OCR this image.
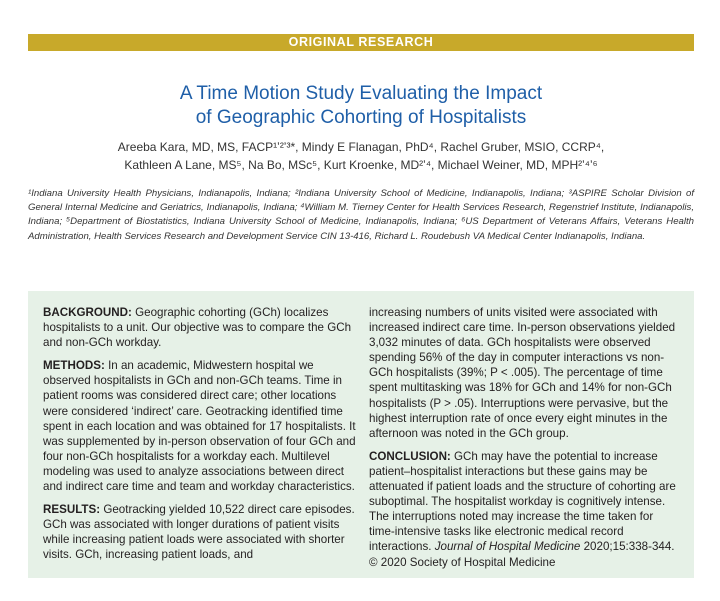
ORIGINAL RESEARCH
A Time Motion Study Evaluating the Impact
of Geographic Cohorting of Hospitalists
Areeba Kara, MD, MS, FACP¹ʼ²ʼ³*, Mindy E Flanagan, PhD⁴, Rachel Gruber, MSIO, CCRP⁴,
Kathleen A Lane, MS⁵, Na Bo, MSc⁵, Kurt Kroenke, MD²ʼ⁴, Michael Weiner, MD, MPH²ʼ⁴ʼ⁶
¹Indiana University Health Physicians, Indianapolis, Indiana; ²Indiana University School of Medicine, Indianapolis, Indiana; ³ASPIRE Scholar Division of General Internal Medicine and Geriatrics, Indianapolis, Indiana; ⁴William M. Tierney Center for Health Services Research, Regenstrief Institute, Indianapolis, Indiana; ⁵Department of Biostatistics, Indiana University School of Medicine, Indianapolis, Indiana; ⁶US Department of Veterans Affairs, Veterans Health Administration, Health Services Research and Development Service CIN 13-416, Richard L. Roudebush VA Medical Center Indianapolis, Indiana.

BACKGROUND: Geographic cohorting (GCh) localizes hospitalists to a unit. Our objective was to compare the GCh and non-GCh workday.

METHODS: In an academic, Midwestern hospital we observed hospitalists in GCh and non-GCh teams. Time in patient rooms was considered direct care; other locations were considered ‘indirect’ care. Geotracking identified time spent in each location and was obtained for 17 hospitalists. It was supplemented by in-person observation of four GCh and four non-GCh hospitalists for a workday each. Multilevel modeling was used to analyze associations between direct and indirect care time and team and workday characteristics.

RESULTS: Geotracking yielded 10,522 direct care episodes. GCh was associated with longer durations of patient visits while increasing patient loads were associated with shorter visits. GCh, increasing patient loads, and

increasing numbers of units visited were associated with increased indirect care time. In-person observations yielded 3,032 minutes of data. GCh hospitalists were observed spending 56% of the day in computer interactions vs non-GCh hospitalists (39%; P < .005). The percentage of time spent multitasking was 18% for GCh and 14% for non-GCh hospitalists (P > .05). Interruptions were pervasive, but the highest interruption rate of once every eight minutes in the afternoon was noted in the GCh group.

CONCLUSION: GCh may have the potential to increase patient–hospitalist interactions but these gains may be attenuated if patient loads and the structure of cohorting are suboptimal. The hospitalist workday is cognitively intense. The interruptions noted may increase the time taken for time-intensive tasks like electronic medical record interactions. Journal of Hospital Medicine 2020;15:338-344. © 2020 Society of Hospital Medicine
